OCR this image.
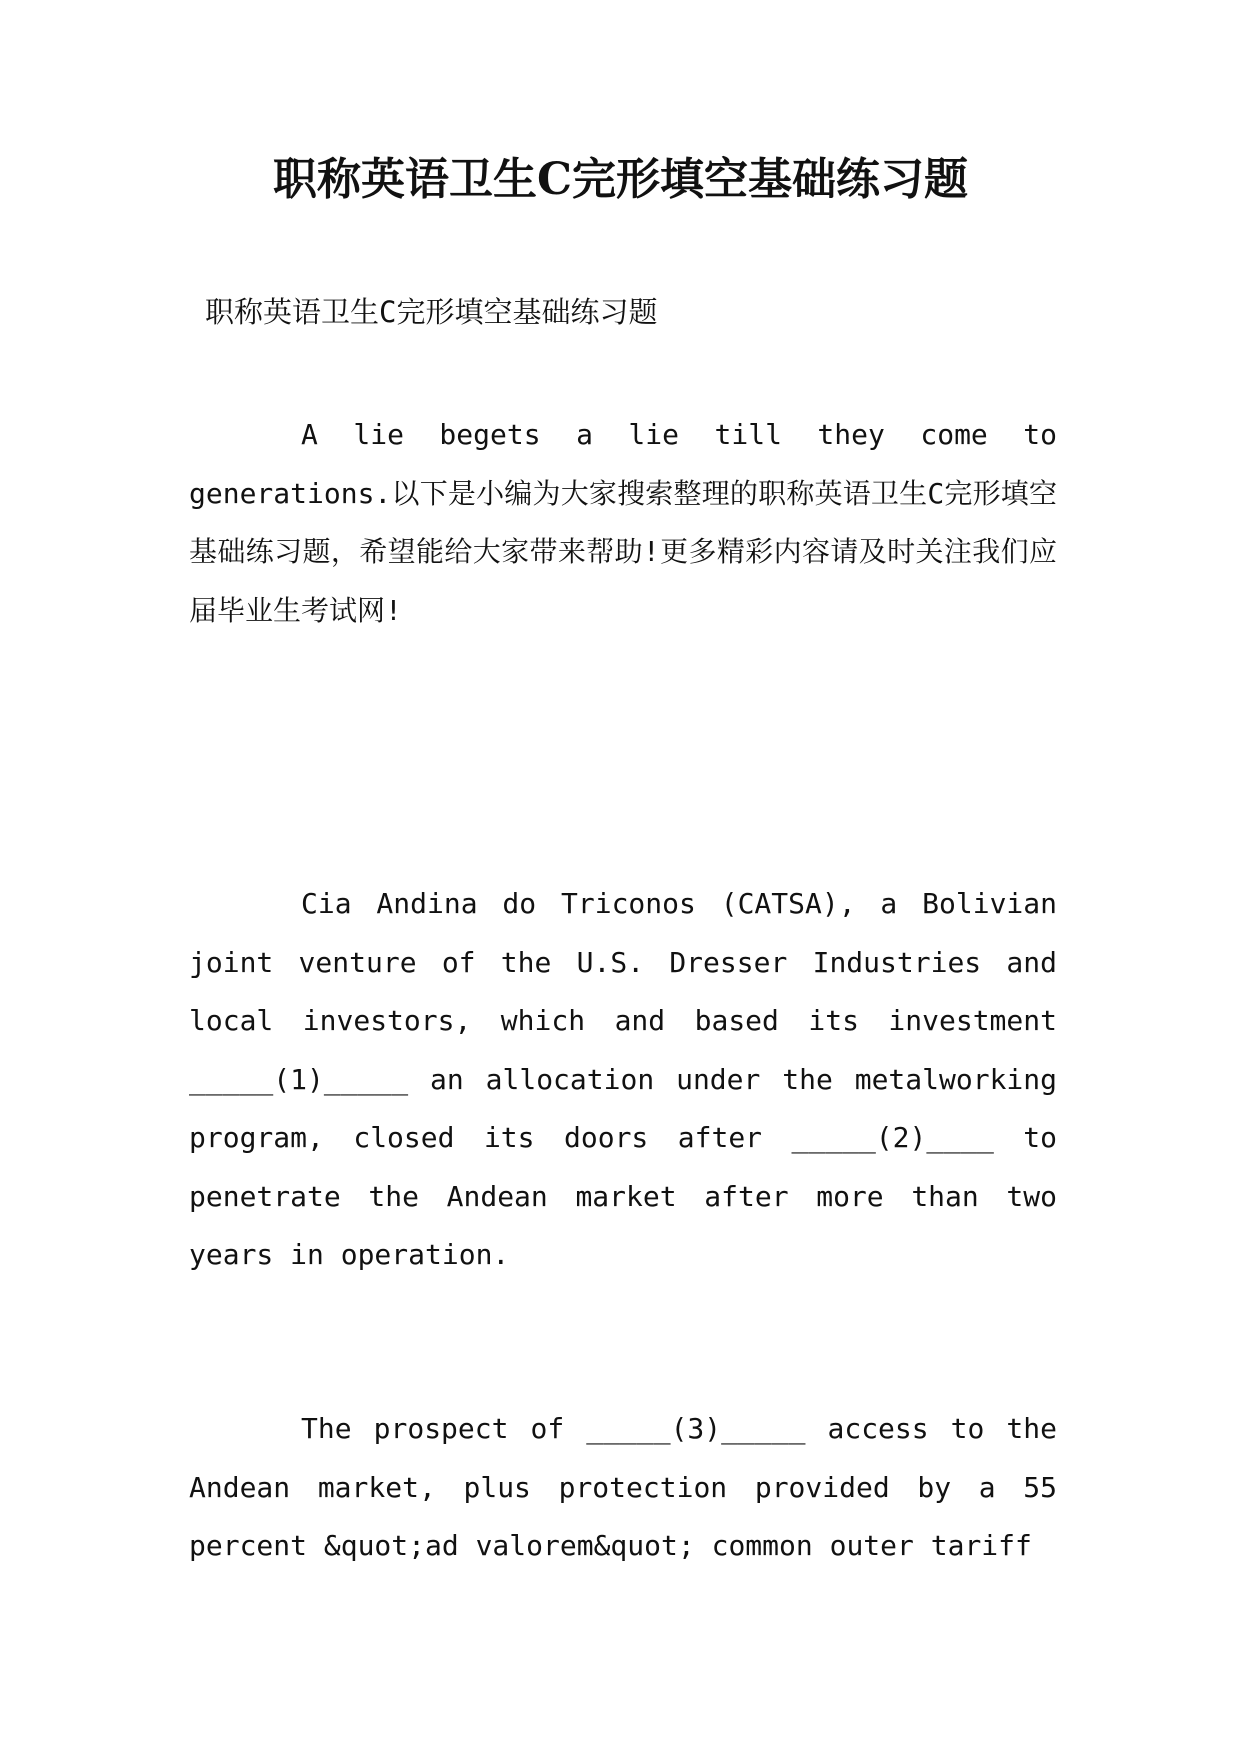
职称英语卫生C完形填空基础练习题

职称英语卫生C完形填空基础练习题

A lie begets a lie till they come to generations.以下是小编为大家搜索整理的职称英语卫生C完形填空基础练习题，希望能给大家带来帮助!更多精彩内容请及时关注我们应届毕业生考试网!

Cia Andina do Triconos (CATSA), a Bolivian joint venture of the U.S. Dresser Industries and local investors, which and based its investment _____(1)_____ an allocation under the metalworking program, closed its doors after _____(2)____ to penetrate the Andean market after more than two years in operation.

The prospect of _____(3)_____ access to the Andean market, plus protection provided by a 55 percent &quot;ad valorem&quot; common outer tariff
